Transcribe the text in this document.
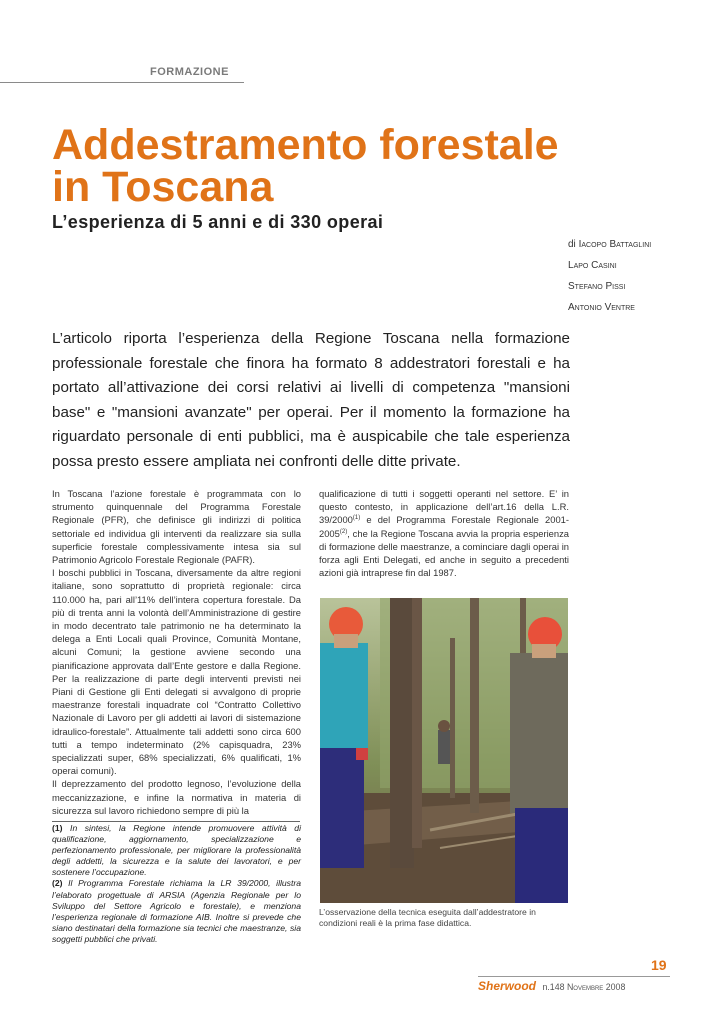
FORMAZIONE
Addestramento forestale
in Toscana
L’esperienza di 5 anni e di 330 operai
di Iacopo Battaglini
Lapo Casini
Stefano Pissi
Antonio Ventre

L’articolo riporta l’esperienza della Regione Toscana nella formazione professionale forestale che finora ha formato 8 addestratori forestali e ha portato all’attivazione dei corsi relativi ai livelli di competenza "mansioni base" e "mansioni avanzate" per operai. Per il momento la formazione ha riguardato personale di enti pubblici, ma è auspicabile che tale esperienza possa presto essere ampliata nei confronti delle ditte private.

In Toscana l’azione forestale è programmata con lo strumento quinquennale del Programma Forestale Regionale (PFR), che definisce gli indirizzi di politica settoriale ed individua gli interventi da realizzare sia sulla superficie forestale complessivamente intesa sia sul Patrimonio Agricolo Forestale Regionale (PAFR).

I boschi pubblici in Toscana, diversamente da altre regioni italiane, sono soprattutto di proprietà regionale: circa 110.000 ha, pari all’11% dell’intera copertura forestale. Da più di trenta anni la volontà dell’Amministrazione di gestire in modo decentrato tale patrimonio ne ha determinato la delega a Enti Locali quali Province, Comunità Montane, alcuni Comuni; la gestione avviene secondo una pianificazione approvata dall’Ente gestore e dalla Regione. Per la realizzazione di parte degli interventi previsti nei Piani di Gestione gli Enti delegati si avvalgono di proprie maestranze forestali inquadrate col “Contratto Collettivo Nazionale di Lavoro per gli addetti ai lavori di sistemazione idraulico-forestale”. Attualmente tali addetti sono circa 600 tutti a tempo indeterminato (2% capisquadra, 23% specializzati super, 68% specializzati, 6% qualificati, 1% operai comuni).

Il deprezzamento del prodotto legnoso, l’evoluzione della meccanizzazione, e infine la normativa in materia di sicurezza sul lavoro richiedono sempre di più la

qualificazione di tutti i soggetti operanti nel settore. E’ in questo contesto, in applicazione dell’art.16 della L.R. 39/2000$^{(1)}$ e del Programma Forestale Regionale 2001-2005$^{(2)}$, che la Regione Toscana avvia la propria esperienza di formazione delle maestranze, a cominciare dagli operai in forza agli Enti Delegati, ed anche in seguito a precedenti azioni già intraprese fin dal 1987.

(1) In sintesi, la Regione intende promuovere attività di qualificazione, aggiornamento, specializzazione e perfezionamento professionale, per migliorare la professionalità degli addetti, la sicurezza e la salute dei lavoratori, e per sostenere l’occupazione.

(2) Il Programma Forestale richiama la LR 39/2000, illustra l’elaborato progettuale di ARSIA (Agenzia Regionale per lo Sviluppo del Settore Agricolo e forestale), e menziona l’esperienza regionale di formazione AIB. Inoltre si prevede che siano destinatari della formazione sia tecnici che maestranze, sia soggetti pubblici che privati.

L’osservazione della tecnica eseguita dall’addestratore in condizioni reali è la prima fase didattica.
19
Sherwood n.148 Novembre 2008
